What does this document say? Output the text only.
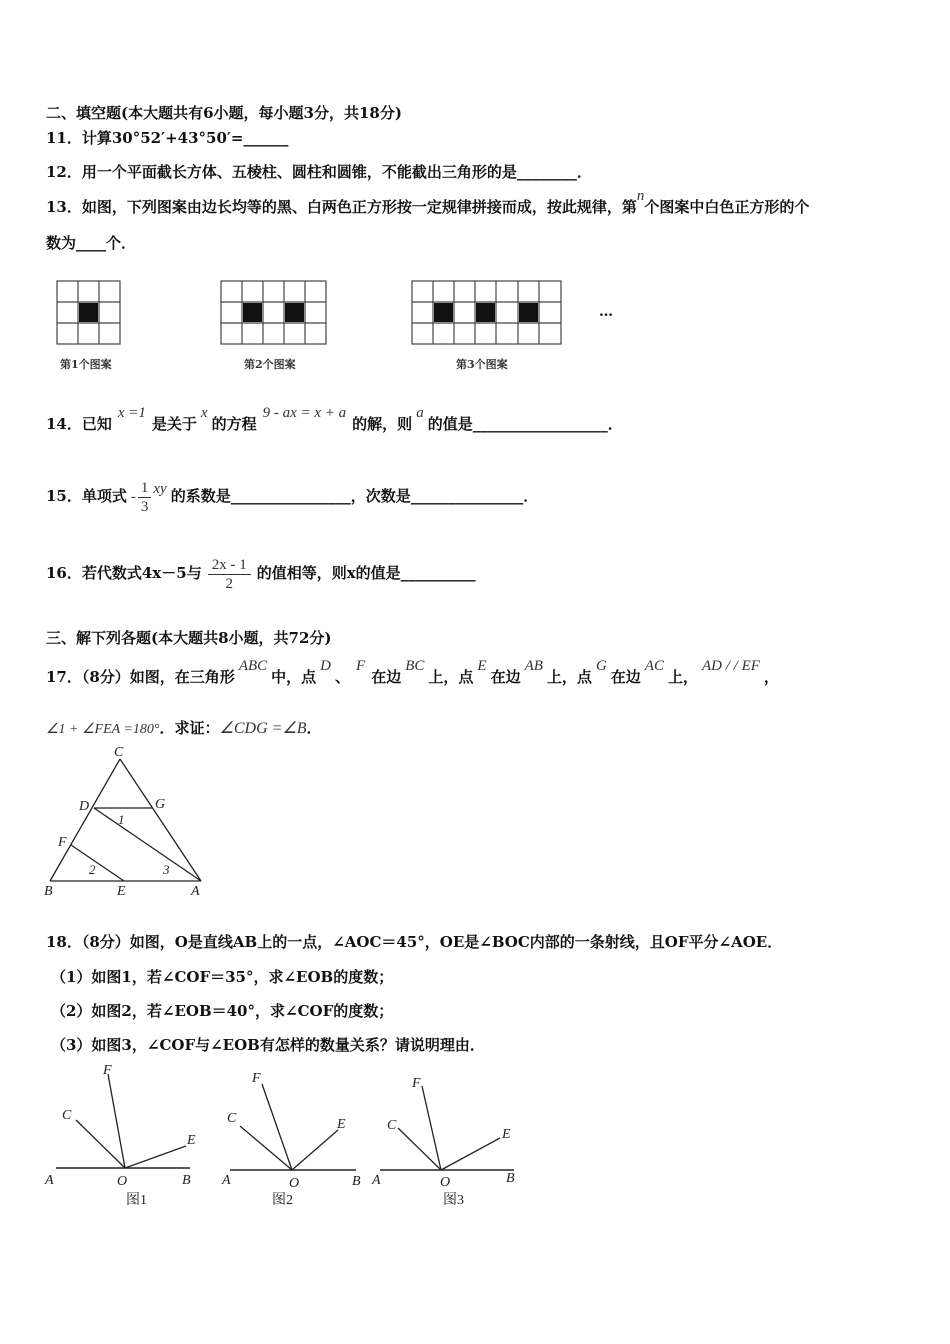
二、填空题(本大题共有6小题，每小题3分，共18分)
11．计算30°52′+43°50′=______
12．用一个平面截长方体、五棱柱、圆柱和圆锥，不能截出三角形的是________．
13．如图，下列图案由边长均等的黑、白两色正方形按一定规律拼接而成，按此规律，第n个图案中白色正方形的个
数为____个．
第1个图案	第2个图案	第3个图案
…
14．已知x =1是关于x的方程9 - ax = x + a的解，则a的值是__________________．
15．单项式 - $\frac{1}{3}$ xy 的系数是________________，次数是_______________．
16．若代数式4x－5与 $\frac{2x - 1}{2}$ 的值相等，则x的值是__________
三、解下列各题(本大题共8小题，共72分)
17．（8分）如图，在三角形ABC中，点D、F在边BC上，点E在边AB上，点G在边AC上，AD / / EF，
∠1 + ∠FEA =180°．求证：∠CDG =∠B．
C
D	G
1
F
2	3
B	E	A
18．（8分）如图，O是直线AB上的一点，∠AOC＝45°，OE是∠BOC内部的一条射线，且OF平分∠AOE．
（1）如图1，若∠COF＝35°，求∠EOB的度数；
（2）如图2，若∠EOB＝40°，求∠COF的度数；
（3）如图3，∠COF与∠EOB有怎样的数量关系？请说明理由．
A	O	B
C
F
E
图1
A	O	B
C
F
E
图2
A	O	B
C
F
E
图3
